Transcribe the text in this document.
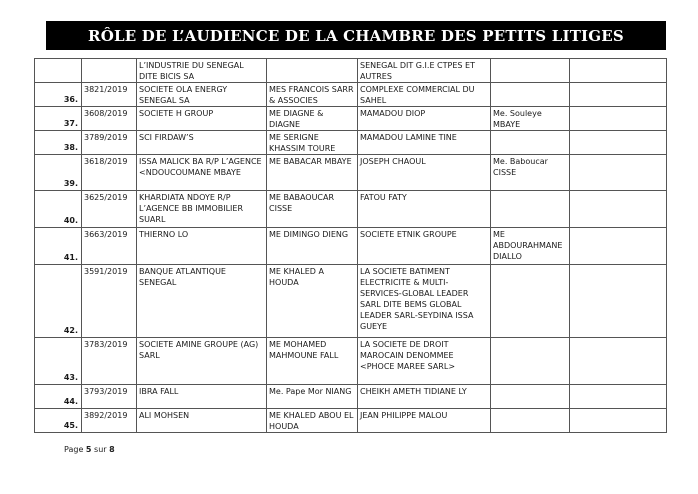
RÔLE DE L’AUDIENCE DE LA CHAMBRE DES PETITS LITIGES
		L’INDUSTRIE DU SENEGAL DITE BICIS SA		SENEGAL DIT G.I.E CTPES ET AUTRES		
36.	3821/2019	SOCIETE OLA ENERGY SENEGAL SA	MES FRANCOIS SARR & ASSOCIES	COMPLEXE COMMERCIAL DU SAHEL		
37.	3608/2019	SOCIETE H GROUP	ME DIAGNE & DIAGNE	MAMADOU DIOP	Me. Souleye MBAYE	
38.	3789/2019	SCI FIRDAW’S	ME SERIGNE KHASSIM TOURE	MAMADOU LAMINE TINE		
39.	3618/2019	ISSA MALICK BA R/P L’AGENCE <NDOUCOUMANE MBAYE	ME BABACAR MBAYE	JOSEPH CHAOUL	Me. Baboucar CISSE	
40.	3625/2019	KHARDIATA NDOYE R/P L’AGENCE BB IMMOBILIER SUARL	ME BABAOUCAR CISSE	FATOU FATY		
41.	3663/2019	THIERNO LO	ME DIMINGO DIENG	SOCIETE ETNIK GROUPE	ME ABDOURAHMANE DIALLO	
42.	3591/2019	BANQUE ATLANTIQUE SENEGAL	ME KHALED A HOUDA	LA SOCIETE BATIMENT ELECTRICITE & MULTI-SERVICES-GLOBAL LEADER SARL DITE BEMS GLOBAL LEADER SARL-SEYDINA ISSA GUEYE		
43.	3783/2019	SOCIETE AMINE GROUPE (AG) SARL	ME MOHAMED MAHMOUNE FALL	LA SOCIETE DE DROIT MAROCAIN DENOMMEE <PHOCE MAREE SARL>		
44.	3793/2019	IBRA FALL	Me. Pape Mor NIANG	CHEIKH AMETH TIDIANE LY		
45.	3892/2019	ALI MOHSEN	ME KHALED ABOU EL HOUDA	JEAN PHILIPPE MALOU		
Page 5 sur 8
